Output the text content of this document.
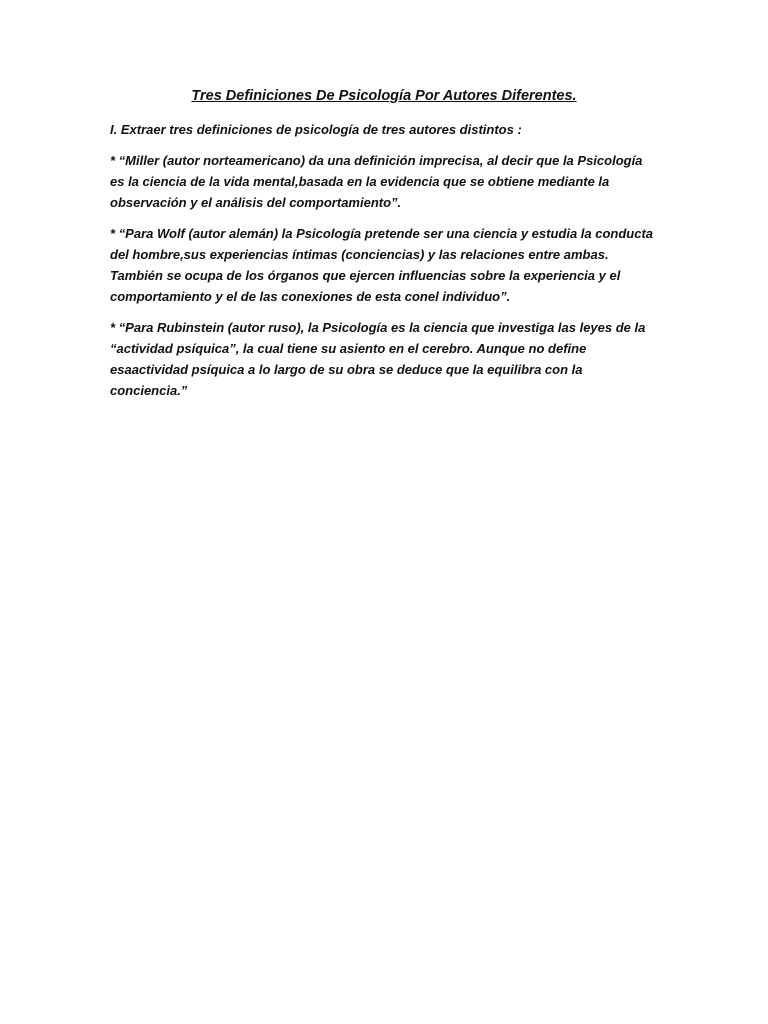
Tres Definiciones De Psicología Por Autores Diferentes.
I. Extraer tres definiciones de psicología de tres autores distintos :
* “Miller (autor norteamericano) da una definición imprecisa, al decir que la Psicología es la ciencia de la vida mental,basada en la evidencia que se obtiene mediante la observación y el análisis del comportamiento”.
* “Para Wolf (autor alemán) la Psicología pretende ser una ciencia y estudia la conducta del hombre,sus experiencias íntimas (conciencias) y las relaciones entre ambas. También se ocupa de los órganos que ejercen influencias sobre la experiencia y el comportamiento y el de las conexiones de esta conel individuo”.
* “Para Rubinstein (autor ruso), la Psicología es la ciencia que investiga las leyes de la “actividad psíquica”, la cual tiene su asiento en el cerebro. Aunque no define esaactividad psíquica a lo largo de su obra se deduce que la equilibra con la conciencia.”
